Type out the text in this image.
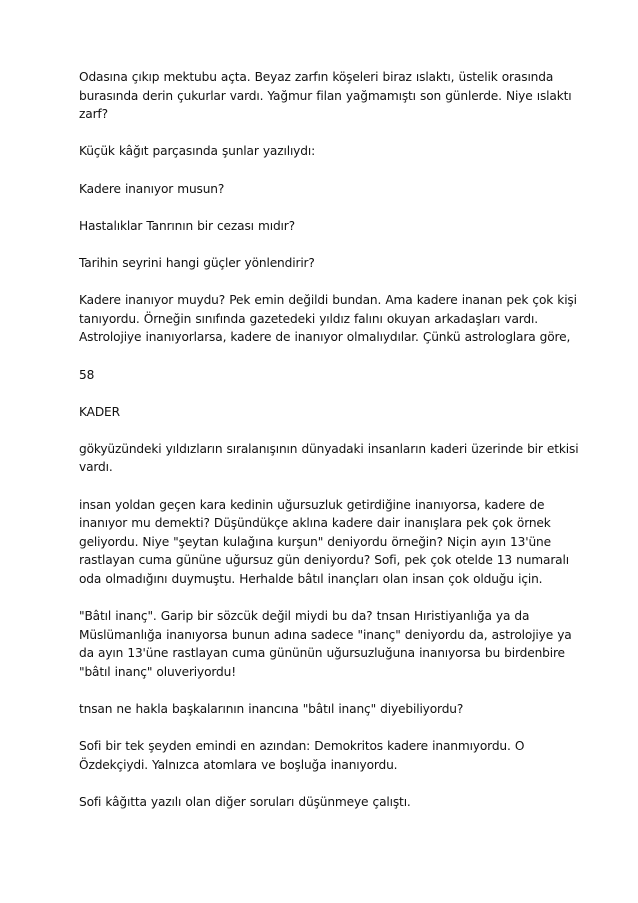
Odasına çıkıp mektubu açta. Beyaz zarfın köşeleri biraz ıslaktı, üstelik orasında burasında derin çukurlar vardı. Yağmur filan yağmamıştı son günlerde. Niye ıslaktı zarf?

Küçük kâğıt parçasında şunlar yazılıydı:

Kadere inanıyor musun?

Hastalıklar Tanrının bir cezası mıdır?

Tarihin seyrini hangi güçler yönlendirir?

Kadere inanıyor muydu? Pek emin değildi bundan. Ama kadere inanan pek çok kişi tanıyordu. Örneğin sınıfında gazetedeki yıldız falını okuyan arkadaşları vardı. Astrolojiye inanıyorlarsa, kadere de inanıyor olmalıydılar. Çünkü astrologlara göre,

58

KADER

gökyüzündeki yıldızların sıralanışının dünyadaki insanların kaderi üzerinde bir etkisi vardı.

insan yoldan geçen kara kedinin uğursuzluk getirdiğine inanıyorsa, kadere de inanıyor mu demekti? Düşündükçe aklına kadere dair inanışlara pek çok örnek geliyordu. Niye "şeytan kulağına kurşun" deniyordu örneğin? Niçin ayın 13'üne rastlayan cuma gününe uğursuz gün deniyordu? Sofi, pek çok otelde 13 numaralı oda olmadığını duymuştu. Herhalde bâtıl inançları olan insan çok olduğu için.

"Bâtıl inanç". Garip bir sözcük değil miydi bu da? tnsan Hıristiyanlığa ya da Müslümanlığa inanıyorsa bunun adına sadece "inanç" deniyordu da, astrolojiye ya da ayın 13'üne rastlayan cuma gününün uğursuzluğuna inanıyorsa bu birdenbire "bâtıl inanç" oluveriyordu!

tnsan ne hakla başkalarının inancına "bâtıl inanç" diyebiliyordu?

Sofi bir tek şeyden emindi en azından: Demokritos kadere inanmıyordu. O Özdekçiydi. Yalnızca atomlara ve boşluğa inanıyordu.

Sofi kâğıtta yazılı olan diğer soruları düşünmeye çalıştı.
